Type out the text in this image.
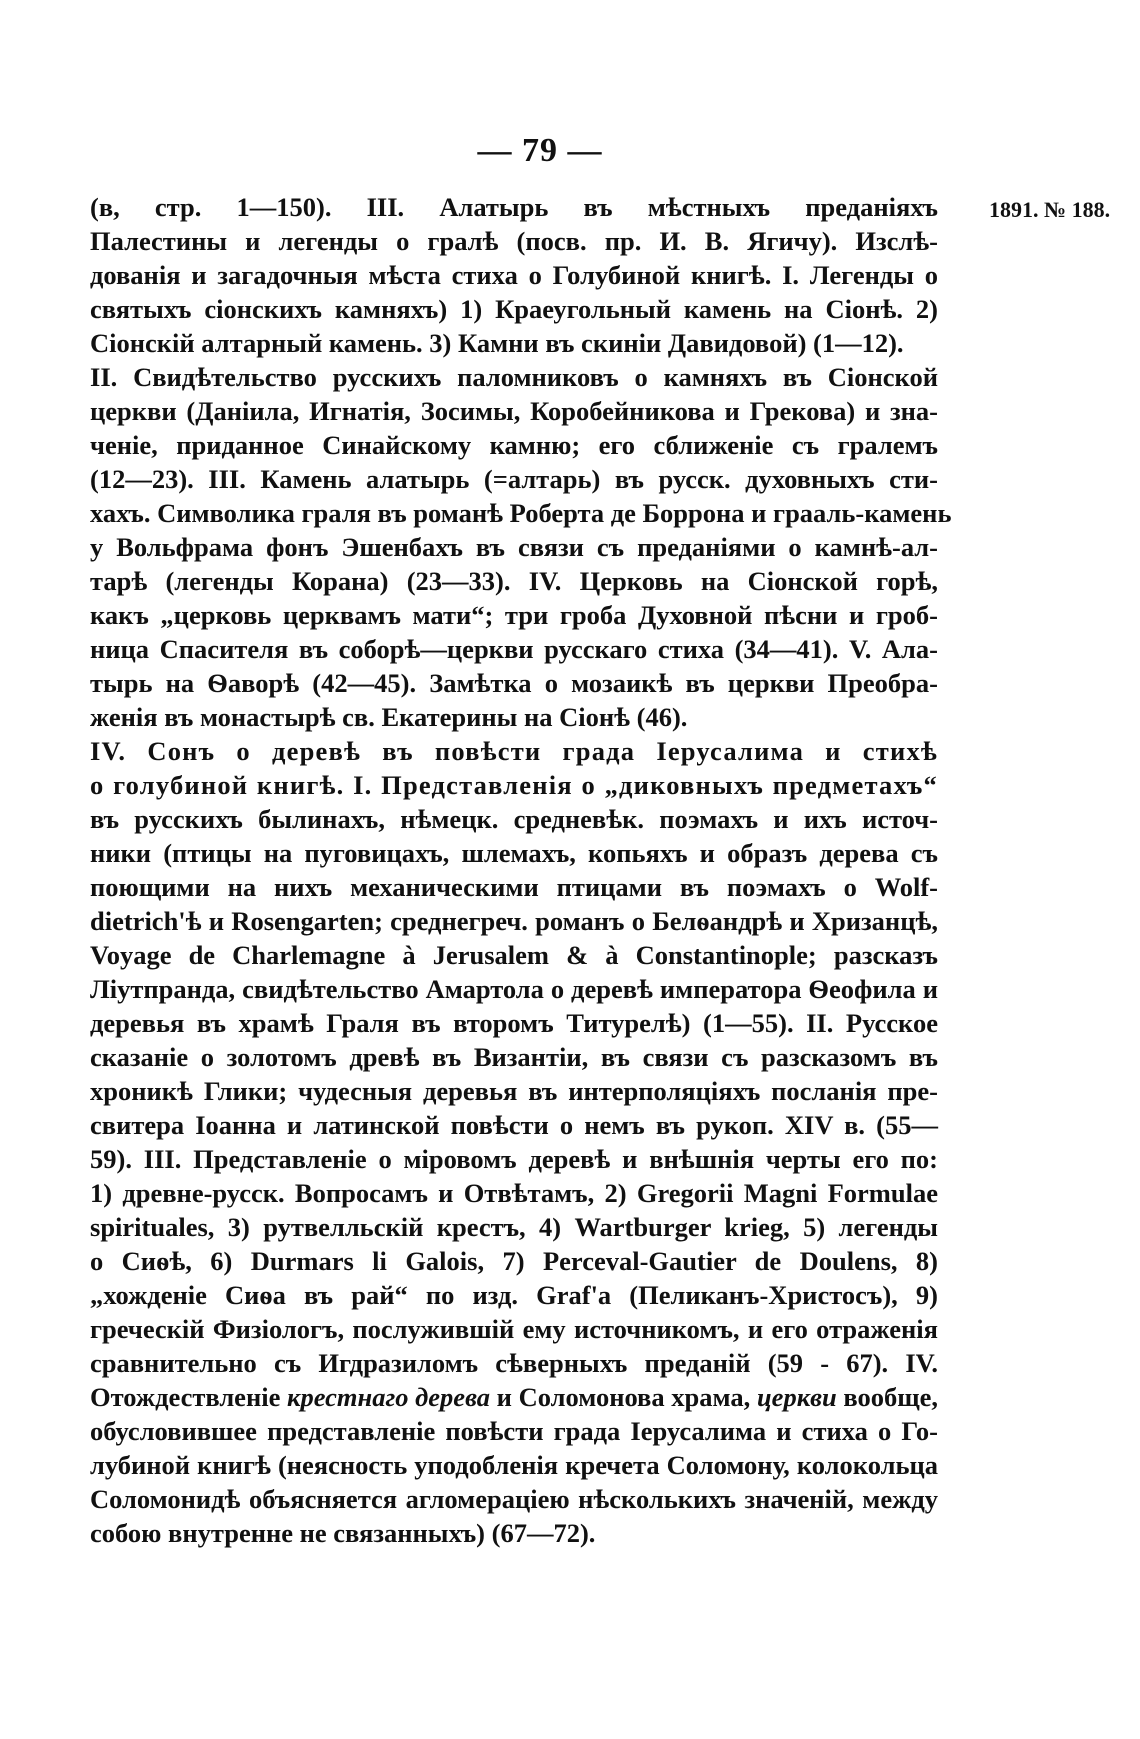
— 79 —
1891. № 188.
(в, стр. 1—150). III. Алатырь въ мѣстныхъ преданіяхъ
Палестины и легенды о гралѣ (посв. пр. И. В. Ягичу). Изслѣ-
дованія и загадочныя мѣста стиха о Голубиной книгѣ. I. Легенды о
святыхъ сіонскихъ камняхъ) 1) Краеугольный камень на Сіонѣ. 2)
Сіонскій алтарный камень. 3) Камни въ скиніи Давидовой) (1—12).
II. Свидѣтельство русскихъ паломниковъ о камняхъ въ Сіонской
церкви (Даніила, Игнатія, Зосимы, Коробейникова и Грекова) и зна-
ченіе, приданное Синайскому камню; его сближеніе съ гралемъ
(12—23). III. Камень алатырь (=алтарь) въ русск. духовныхъ сти-
хахъ. Символика граля въ романѣ Роберта де Боррона и грааль-камень
у Вольфрама фонъ Эшенбахъ въ связи съ преданіями о камнѣ-ал-
тарѣ (легенды Корана) (23—33). IV. Церковь на Сіонской горѣ,
какъ „церковь церквамъ мати“; три гроба Духовной пѣсни и гроб-
ница Спасителя въ соборѣ—церкви русскаго стиха (34—41). V. Ала-
тырь на Ѳаворѣ (42—45). Замѣтка о мозаикѣ въ церкви Преобра-
женія въ монастырѣ св. Екатерины на Сіонѣ (46).
IV. Сонъ о деревѣ въ повѣсти града Іерусалима и стихѣ
о голубиной книгѣ. I. Представленія о „диковныхъ предметахъ“
въ русскихъ былинахъ, нѣмецк. средневѣк. поэмахъ и ихъ источ-
ники (птицы на пуговицахъ, шлемахъ, копьяхъ и образъ дерева съ
поющими на нихъ механическими птицами въ поэмахъ о Wolf-
dietrich'ѣ и Rosengarten; среднегреч. романъ о Белѳандрѣ и Хризанцѣ,
Voyage de Charlemagne à Jerusalem & à Constantinople; разсказъ
Ліутпранда, свидѣтельство Амартола о деревѣ императора Ѳеофила и
деревья въ храмѣ Граля въ второмъ Титурелѣ) (1—55). II. Русское
сказаніе о золотомъ древѣ въ Византіи, въ связи съ разсказомъ въ
хроникѣ Глики; чудесныя деревья въ интерполяціяхъ посланія пре-
свитера Іоанна и латинской повѣсти о немъ въ рукоп. XIV в. (55—
59). III. Представленіе о міровомъ деревѣ и внѣшнія черты его по:
1) древне-русск. Вопросамъ и Отвѣтамъ, 2) Gregorii Magni Formulae
spirituales, 3) рутвелльскій крестъ, 4) Wartburger krieg, 5) легенды
о Сиѳѣ, 6) Durmars li Galois, 7) Perceval-Gautier de Doulens, 8)
„хожденіе Сиѳа въ рай“ по изд. Graf'a (Пеликанъ-Христосъ), 9)
греческій Физіологъ, послужившій ему источникомъ, и его отраженія
сравнительно съ Игдразиломъ сѣверныхъ преданій (59 - 67). IV.
Отождествленіе крестнаго дерева и Соломонова храма, церкви вообще,
обусловившее представленіе повѣсти града Іерусалима и стиха о Го-
лубиной книгѣ (неясность уподобленія кречета Соломону, колокольца
Соломонидѣ объясняется агломераціею нѣсколькихъ значеній, между
собою внутренне не связанныхъ) (67—72).
